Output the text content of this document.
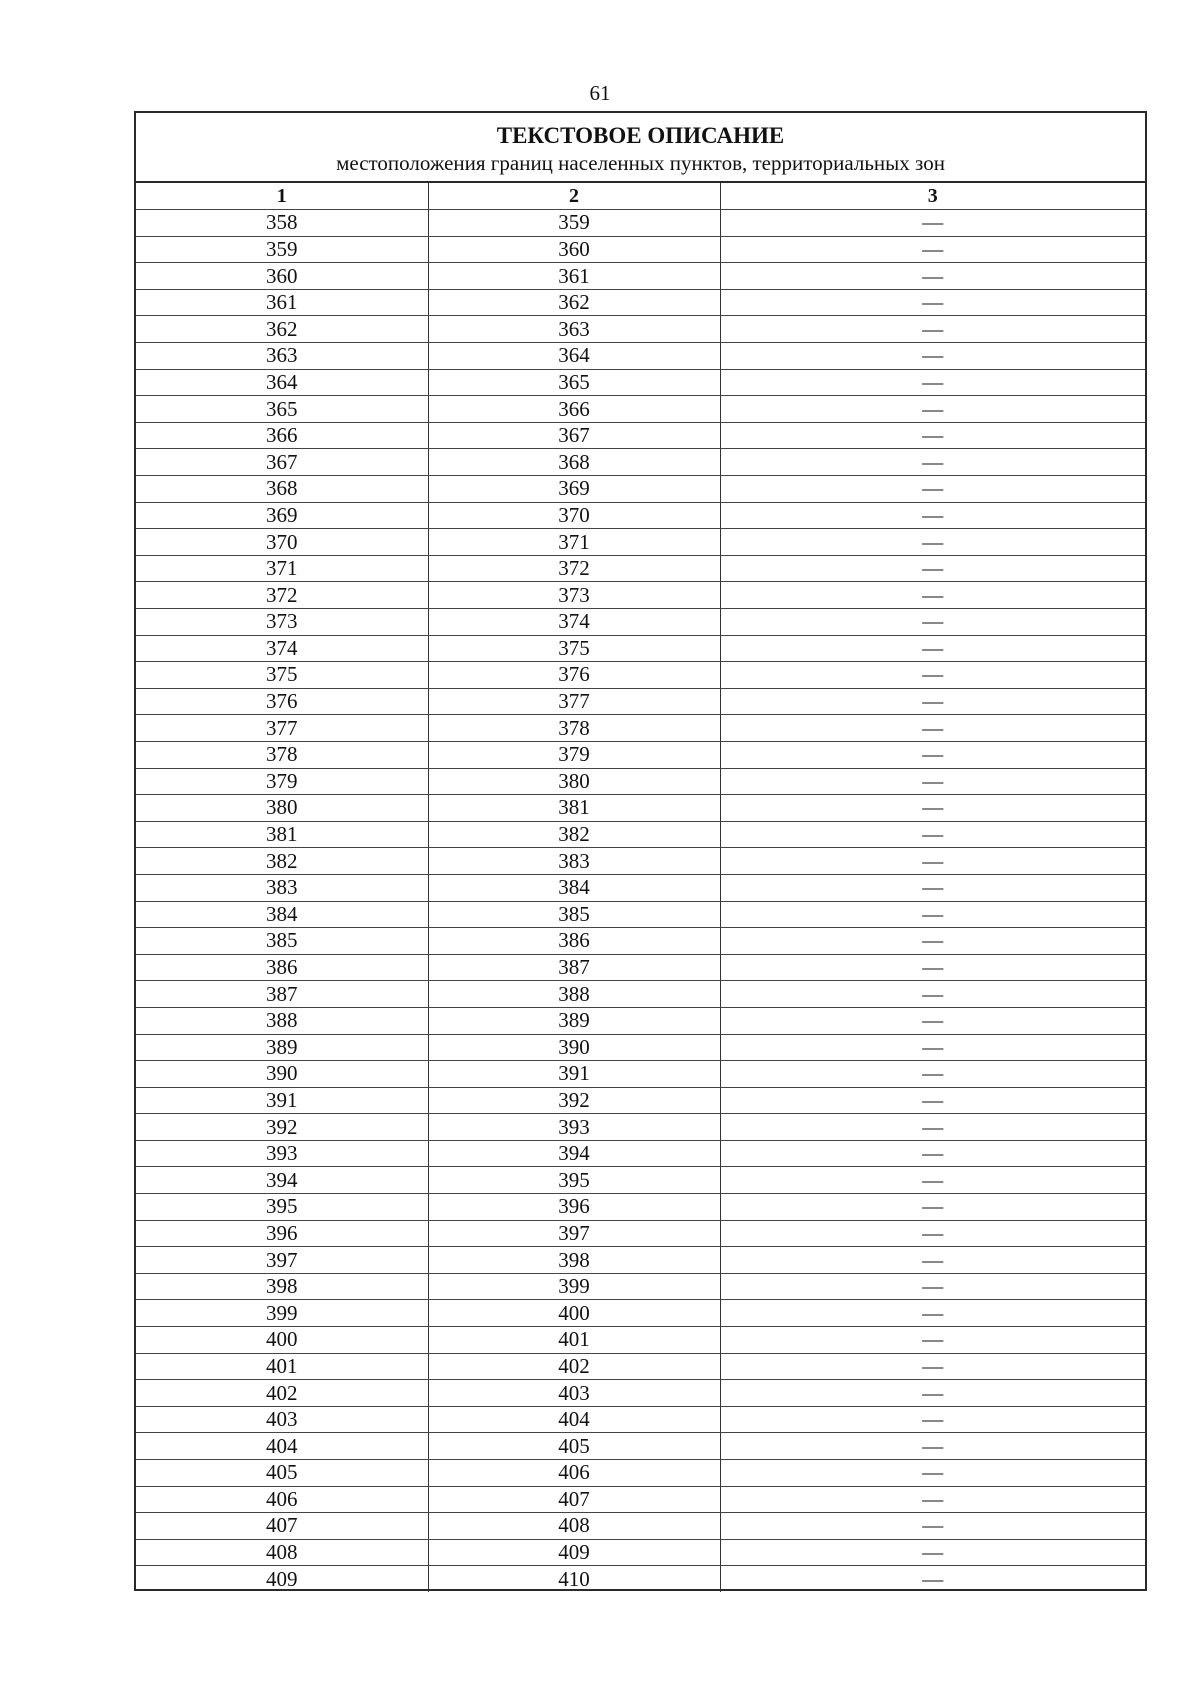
61
ТЕКСТОВОЕ ОПИСАНИЕ
местоположения границ населенных пунктов, территориальных зон
1	2	3
358	359	—
359	360	—
360	361	—
361	362	—
362	363	—
363	364	—
364	365	—
365	366	—
366	367	—
367	368	—
368	369	—
369	370	—
370	371	—
371	372	—
372	373	—
373	374	—
374	375	—
375	376	—
376	377	—
377	378	—
378	379	—
379	380	—
380	381	—
381	382	—
382	383	—
383	384	—
384	385	—
385	386	—
386	387	—
387	388	—
388	389	—
389	390	—
390	391	—
391	392	—
392	393	—
393	394	—
394	395	—
395	396	—
396	397	—
397	398	—
398	399	—
399	400	—
400	401	—
401	402	—
402	403	—
403	404	—
404	405	—
405	406	—
406	407	—
407	408	—
408	409	—
409	410	—
